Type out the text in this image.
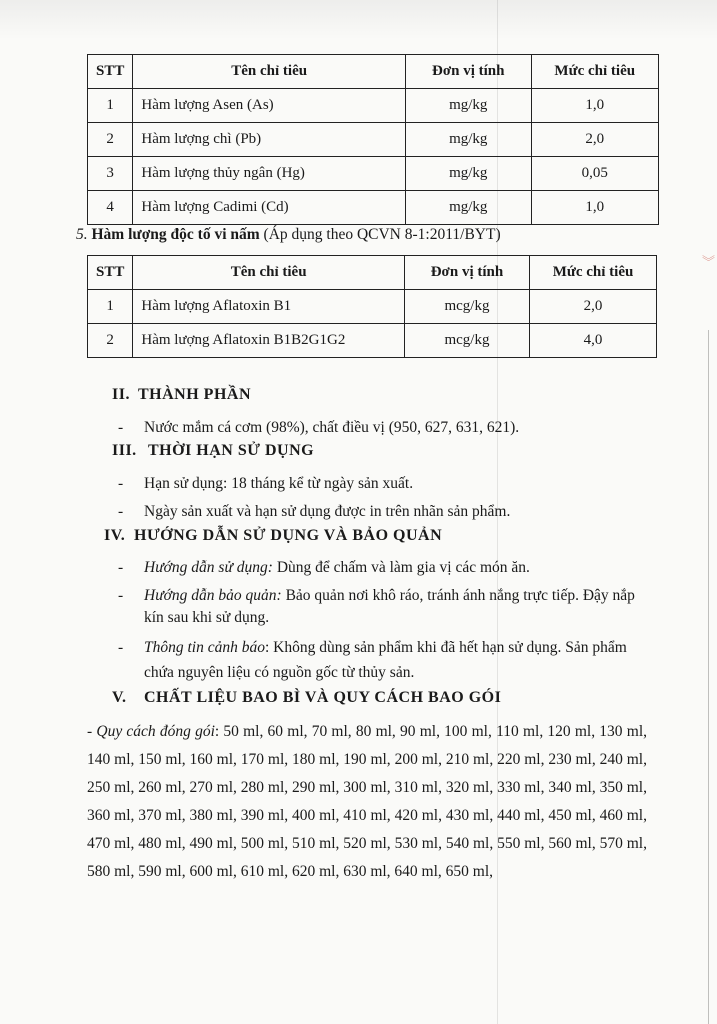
》
STT	Tên chỉ tiêu	Đơn vị tính	Mức chỉ tiêu
1	Hàm lượng Asen (As)	mg/kg	1,0
2	Hàm lượng chì (Pb)	mg/kg	2,0
3	Hàm lượng thủy ngân (Hg)	mg/kg	0,05
4	Hàm lượng Cadimi (Cd)	mg/kg	1,0
5. Hàm lượng độc tố vi nấm (Áp dụng theo QCVN 8-1:2011/BYT)
STT	Tên chỉ tiêu	Đơn vị tính	Mức chỉ tiêu
1	Hàm lượng Aflatoxin B1	mcg/kg	2,0
2	Hàm lượng Aflatoxin B1B2G1G2	mcg/kg	4,0
II. THÀNH PHẦN
- Nước mắm cá cơm (98%), chất điều vị (950, 627, 631, 621).
III. THỜI HẠN SỬ DỤNG
- Hạn sử dụng: 18 tháng kể từ ngày sản xuất.
- Ngày sản xuất và hạn sử dụng được in trên nhãn sản phẩm.
IV. HƯỚNG DẪN SỬ DỤNG VÀ BẢO QUẢN
- Hướng dẫn sử dụng: Dùng để chấm và làm gia vị các món ăn.
- Hướng dẫn bảo quản: Bảo quản nơi khô ráo, tránh ánh nắng trực tiếp. Đậy nắp
kín sau khi sử dụng.
- Thông tin cảnh báo: Không dùng sản phẩm khi đã hết hạn sử dụng. Sản phẩm
chứa nguyên liệu có nguồn gốc từ thủy sản.
V. CHẤT LIỆU BAO BÌ VÀ QUY CÁCH BAO GÓI
- Quy cách đóng gói: 50 ml, 60 ml, 70 ml, 80 ml, 90 ml, 100 ml, 110 ml, 120 ml, 130 ml, 140 ml, 150 ml, 160 ml, 170 ml, 180 ml, 190 ml, 200 ml, 210 ml, 220 ml, 230 ml, 240 ml, 250 ml, 260 ml, 270 ml, 280 ml, 290 ml, 300 ml, 310 ml, 320 ml, 330 ml, 340 ml, 350 ml, 360 ml, 370 ml, 380 ml, 390 ml, 400 ml, 410 ml, 420 ml, 430 ml, 440 ml, 450 ml, 460 ml, 470 ml, 480 ml, 490 ml, 500 ml, 510 ml, 520 ml, 530 ml, 540 ml, 550 ml, 560 ml, 570 ml, 580 ml, 590 ml, 600 ml, 610 ml, 620 ml, 630 ml, 640 ml, 650 ml,
